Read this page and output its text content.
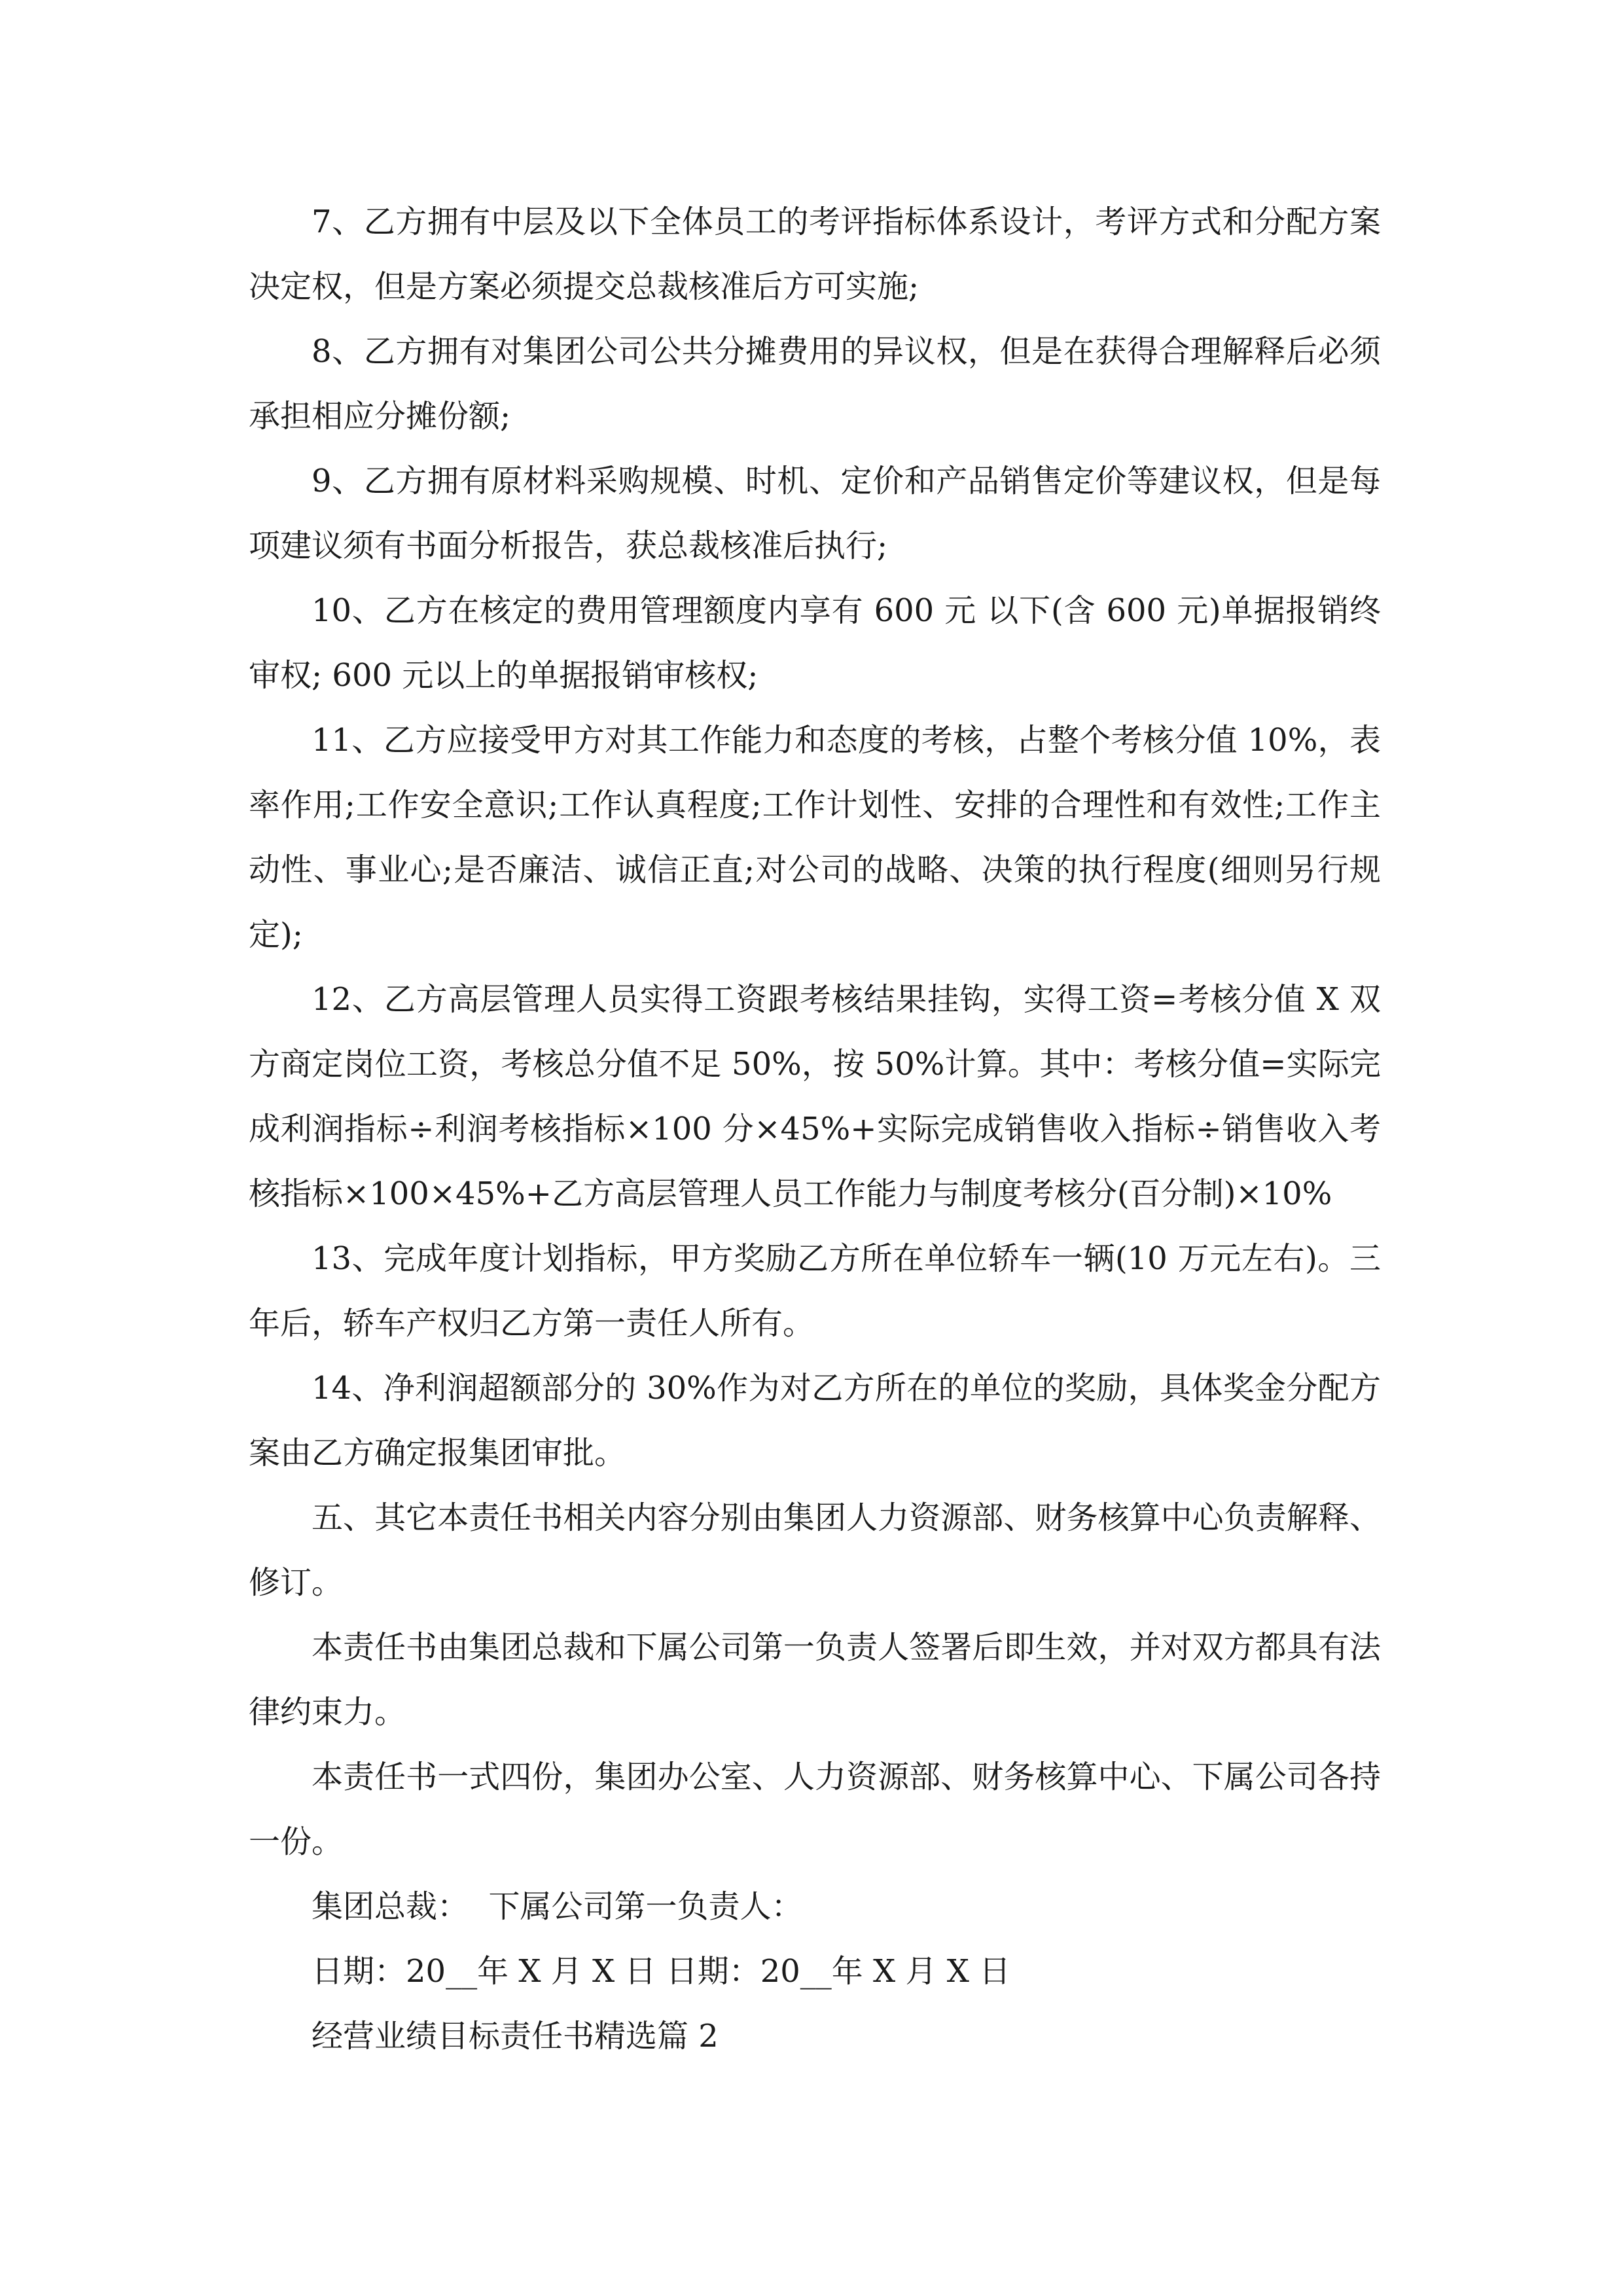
7、乙方拥有中层及以下全体员工的考评指标体系设计，考评方式和分配方案决定权，但是方案必须提交总裁核准后方可实施;

8、乙方拥有对集团公司公共分摊费用的异议权，但是在获得合理解释后必须承担相应分摊份额;

9、乙方拥有原材料采购规模、时机、定价和产品销售定价等建议权，但是每项建议须有书面分析报告，获总裁核准后执行;

10、乙方在核定的费用管理额度内享有 600 元 以下(含 600 元)单据报销终审权; 600 元以上的单据报销审核权;

11、乙方应接受甲方对其工作能力和态度的考核，占整个考核分值 10%，表率作用;工作安全意识;工作认真程度;工作计划性、安排的合理性和有效性;工作主动性、事业心;是否廉洁、诚信正直;对公司的战略、决策的执行程度(细则另行规定);

12、乙方高层管理人员实得工资跟考核结果挂钩，实得工资=考核分值 X 双方商定岗位工资，考核总分值不足 50%，按 50%计算。其中：考核分值=实际完成利润指标÷利润考核指标×100 分×45%+实际完成销售收入指标÷销售收入考核指标×100×45%+乙方高层管理人员工作能力与制度考核分(百分制)×10%

13、完成年度计划指标，甲方奖励乙方所在单位轿车一辆(10 万元左右)。三年后，轿车产权归乙方第一责任人所有。

14、净利润超额部分的 30%作为对乙方所在的单位的奖励，具体奖金分配方案由乙方确定报集团审批。

五、其它本责任书相关内容分别由集团人力资源部、财务核算中心负责解释、修订。

本责任书由集团总裁和下属公司第一负责人签署后即生效，并对双方都具有法律约束力。

本责任书一式四份，集团办公室、人力资源部、财务核算中心、下属公司各持一份。

集团总裁：  下属公司第一负责人：

日期：20__年 X 月 X 日 日期：20__年 X 月 X 日

经营业绩目标责任书精选篇 2
